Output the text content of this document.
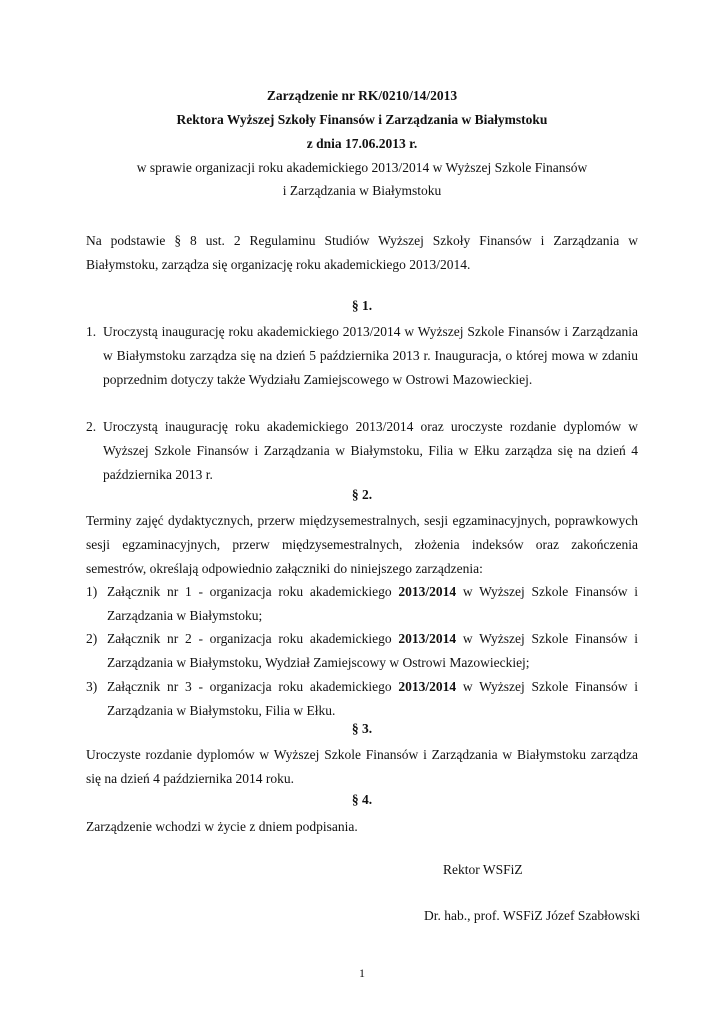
Zarządzenie nr RK/0210/14/2013
Rektora Wyższej Szkoły Finansów i Zarządzania w Białymstoku
z dnia 17.06.2013 r.
w sprawie organizacji roku akademickiego 2013/2014 w Wyższej Szkole Finansów
i Zarządzania w Białymstoku
Na podstawie § 8 ust. 2 Regulaminu Studiów Wyższej Szkoły Finansów i Zarządzania w Białymstoku, zarządza się organizację roku akademickiego 2013/2014.
§ 1.
1. Uroczystą inaugurację roku akademickiego 2013/2014 w Wyższej Szkole Finansów i Zarządzania w Białymstoku zarządza się na dzień 5 października 2013 r. Inauguracja, o której mowa w zdaniu poprzednim dotyczy także Wydziału Zamiejscowego w Ostrowi Mazowieckiej.
2. Uroczystą inaugurację roku akademickiego 2013/2014 oraz uroczyste rozdanie dyplomów w Wyższej Szkole Finansów i Zarządzania w Białymstoku, Filia w Ełku zarządza się na dzień 4 października 2013 r.
§ 2.
Terminy zajęć dydaktycznych, przerw międzysemestralnych, sesji egzaminacyjnych, poprawkowych sesji egzaminacyjnych, przerw międzysemestralnych, złożenia indeksów oraz zakończenia semestrów, określają odpowiednio załączniki do niniejszego zarządzenia:
1) Załącznik nr 1 - organizacja roku akademickiego 2013/2014 w Wyższej Szkole Finansów i Zarządzania w Białymstoku;
2) Załącznik nr 2 - organizacja roku akademickiego 2013/2014 w Wyższej Szkole Finansów i Zarządzania w Białymstoku, Wydział Zamiejscowy w Ostrowi Mazowieckiej;
3) Załącznik nr 3 - organizacja roku akademickiego 2013/2014 w Wyższej Szkole Finansów i Zarządzania w Białymstoku, Filia w Ełku.
§ 3.
Uroczyste rozdanie dyplomów w Wyższej Szkole Finansów i Zarządzania w Białymstoku zarządza się na dzień 4 października 2014 roku.
§ 4.
Zarządzenie wchodzi w życie z dniem podpisania.
Rektor WSFiZ
Dr. hab., prof. WSFiZ Józef Szabłowski
1
